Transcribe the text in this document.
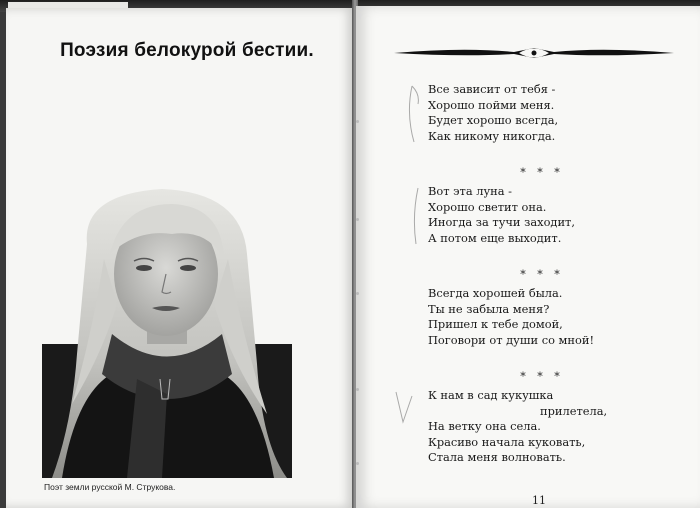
Поэзия белокурой бестии.
Поэт земли русской М. Струкова.
Все зависит от тебя -
Хорошо пойми меня.
Будет хорошо всегда,
Как никому никогда.
* * *
Вот эта луна -
Хорошо светит она.
Иногда за тучи заходит,
А потом еще выходит.
* * *
Всегда хорошей была.
Ты не забыла меня?
Пришел к тебе домой,
Поговори от души со мной!
* * *
К нам в сад кукушка
прилетела,
На ветку она села.
Красиво начала куковать,
Стала меня волновать.
11
